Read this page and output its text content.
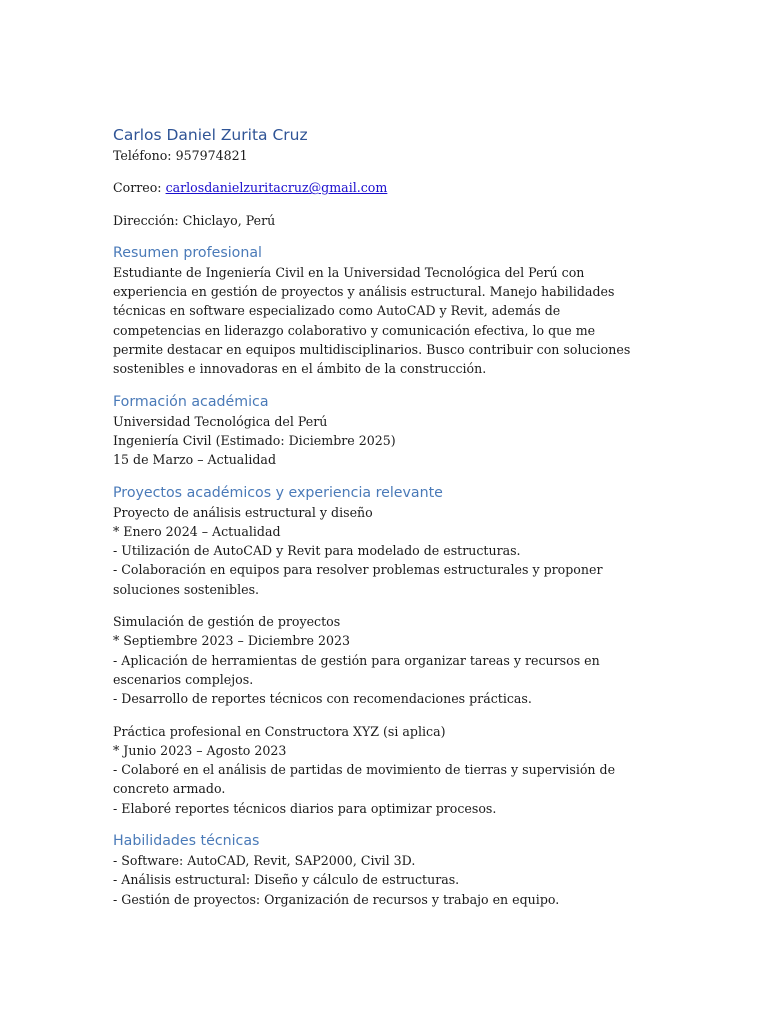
Carlos Daniel Zurita Cruz

Teléfono: 957974821

Correo: carlosdanielzuritacruz@gmail.com

Dirección: Chiclayo, Perú

Resumen profesional

Estudiante de Ingeniería Civil en la Universidad Tecnológica del Perú con experiencia en gestión de proyectos y análisis estructural. Manejo habilidades técnicas en software especializado como AutoCAD y Revit, además de competencias en liderazgo colaborativo y comunicación efectiva, lo que me permite destacar en equipos multidisciplinarios. Busco contribuir con soluciones sostenibles e innovadoras en el ámbito de la construcción.

Formación académica

Universidad Tecnológica del Perú

Ingeniería Civil (Estimado: Diciembre 2025)

15 de Marzo – Actualidad

Proyectos académicos y experiencia relevante

Proyecto de análisis estructural y diseño

* Enero 2024 – Actualidad

- Utilización de AutoCAD y Revit para modelado de estructuras.

- Colaboración en equipos para resolver problemas estructurales y proponer soluciones sostenibles.

Simulación de gestión de proyectos

* Septiembre 2023 – Diciembre 2023

- Aplicación de herramientas de gestión para organizar tareas y recursos en escenarios complejos.

- Desarrollo de reportes técnicos con recomendaciones prácticas.

Práctica profesional en Constructora XYZ (si aplica)

* Junio 2023 – Agosto 2023

- Colaboré en el análisis de partidas de movimiento de tierras y supervisión de concreto armado.

- Elaboré reportes técnicos diarios para optimizar procesos.

Habilidades técnicas

- Software: AutoCAD, Revit, SAP2000, Civil 3D.

- Análisis estructural: Diseño y cálculo de estructuras.

- Gestión de proyectos: Organización de recursos y trabajo en equipo.
